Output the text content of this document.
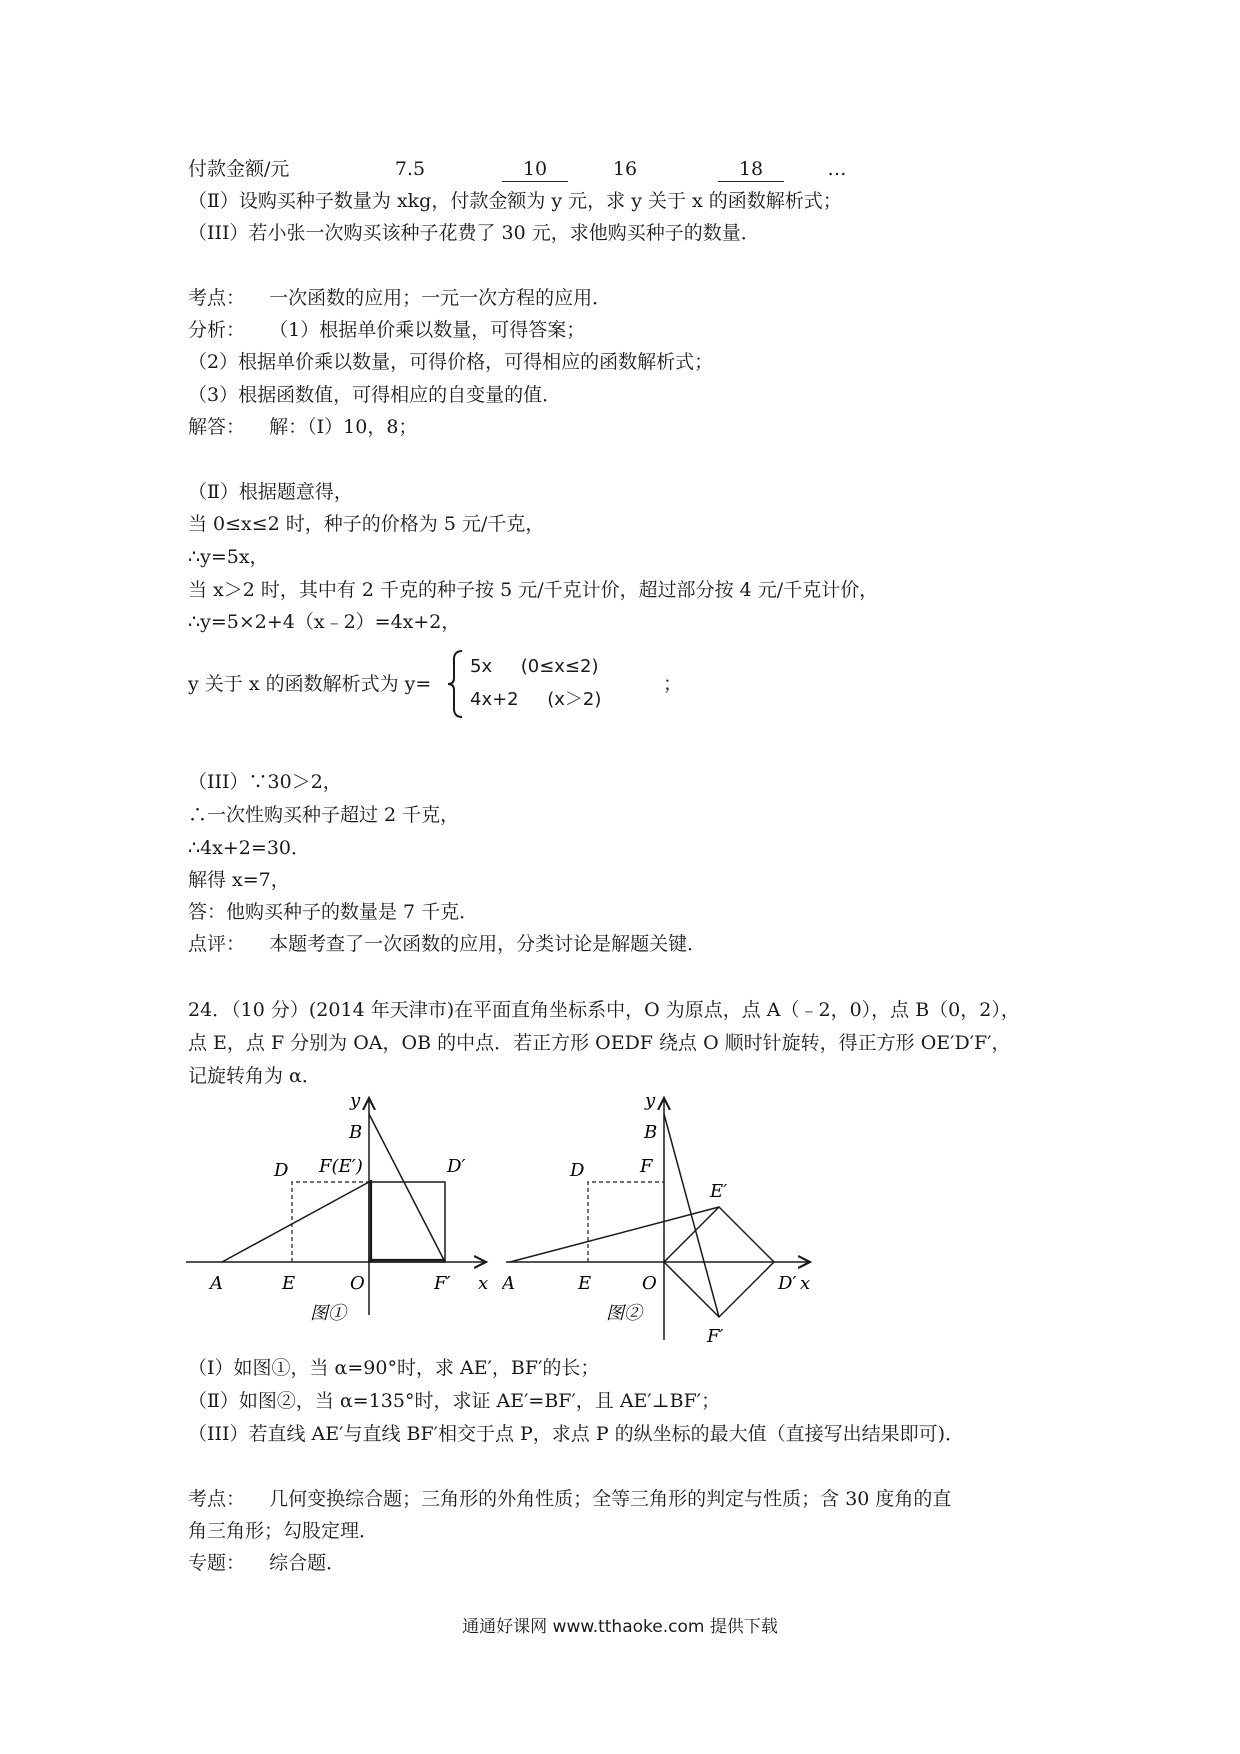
付款金额/元	7.5	10	16	18	…
（Ⅱ）设购买种子数量为 xkg，付款金额为 y 元，求 y 关于 x 的函数解析式；
（III）若小张一次购买该种子花费了 30 元，求他购买种子的数量．
考点：    一次函数的应用；一元一次方程的应用．
分析：    （1）根据单价乘以数量，可得答案；
（2）根据单价乘以数量，可得价格，可得相应的函数解析式；
（3）根据函数值，可得相应的自变量的值．
解答：    解：（Ⅰ）10，8；
（Ⅱ）根据题意得，
当 0≤x≤2 时，种子的价格为 5 元/千克，
∴y=5x，
当 x＞2 时，其中有 2 千克的种子按 5 元/千克计价，超过部分按 4 元/千克计价，
∴y=5×2+4（x﹣2）=4x+2，
y 关于 x 的函数解析式为 y=
5x     (0≤x≤2)
4x+2     (x＞2)
；
（III）∵30＞2，
∴一次性购买种子超过 2 千克，
∴4x+2=30．
解得 x=7，
答：他购买种子的数量是 7 千克．
点评：    本题考查了一次函数的应用，分类讨论是解题关键．
24．（10 分）(2014 年天津市)在平面直角坐标系中，O 为原点，点 A（﹣2，0），点 B（0，2），
点 E，点 F 分别为 OA，OB 的中点．若正方形 OEDF 绕点 O 顺时针旋转，得正方形 OE′D′F′，
记旋转角为 α．
y
B
D F(E′)	D′
A	E	O	F′ x
图①
y
B
D	F
E′
A	E	O	D′ x
F′
图②
（Ⅰ）如图①，当 α=90°时，求 AE′，BF′的长；
（Ⅱ）如图②，当 α=135°时，求证 AE′=BF′，且 AE′⊥BF′；
（III）若直线 AE′与直线 BF′相交于点 P，求点 P 的纵坐标的最大值（直接写出结果即可)．
考点：    几何变换综合题；三角形的外角性质；全等三角形的判定与性质；含 30 度角的直
角三角形；勾股定理．
专题：    综合题．
通通好课网 www.tthaoke.com 提供下载
